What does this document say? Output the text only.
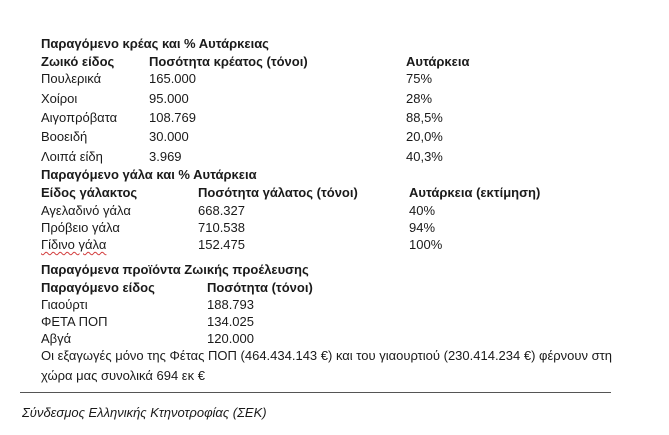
Παραγόμενο κρέας και % Αυτάρκειας
Ζωικό είδος	Ποσότητα κρέατος (τόνοι)	Αυτάρκεια
Πουλερικά	165.000	75%
Χοίροι	95.000	28%
Αιγοπρόβατα 108.769	88,5%
Βοοειδή	30.000	20,0%
Λοιπά είδη	3.969	40,3%
Παραγόμενο γάλα και % Αυτάρκεια
Είδος γάλακτος	Ποσότητα γάλατος (τόνοι)	Αυτάρκεια (εκτίμηση)
Αγελαδινό γάλα	668.327	40%
Πρόβειο γάλα	710.538	94%
Γίδινο γάλα	152.475	100%
Παραγόμενα προϊόντα Ζωικής προέλευσης
Παραγόμενο είδος	Ποσότητα (τόνοι)
Γιαούρτι	188.793
ΦΕΤΑ ΠΟΠ	134.025
Αβγά	120.000
Οι εξαγωγές μόνο της Φέτας ΠΟΠ (464.434.143 €) και του γιαουρτιού (230.414.234 €) φέρνουν στη χώρα μας συνολικά 694 εκ €
Σύνδεσμος Ελληνικής Κτηνοτροφίας (ΣΕΚ)
